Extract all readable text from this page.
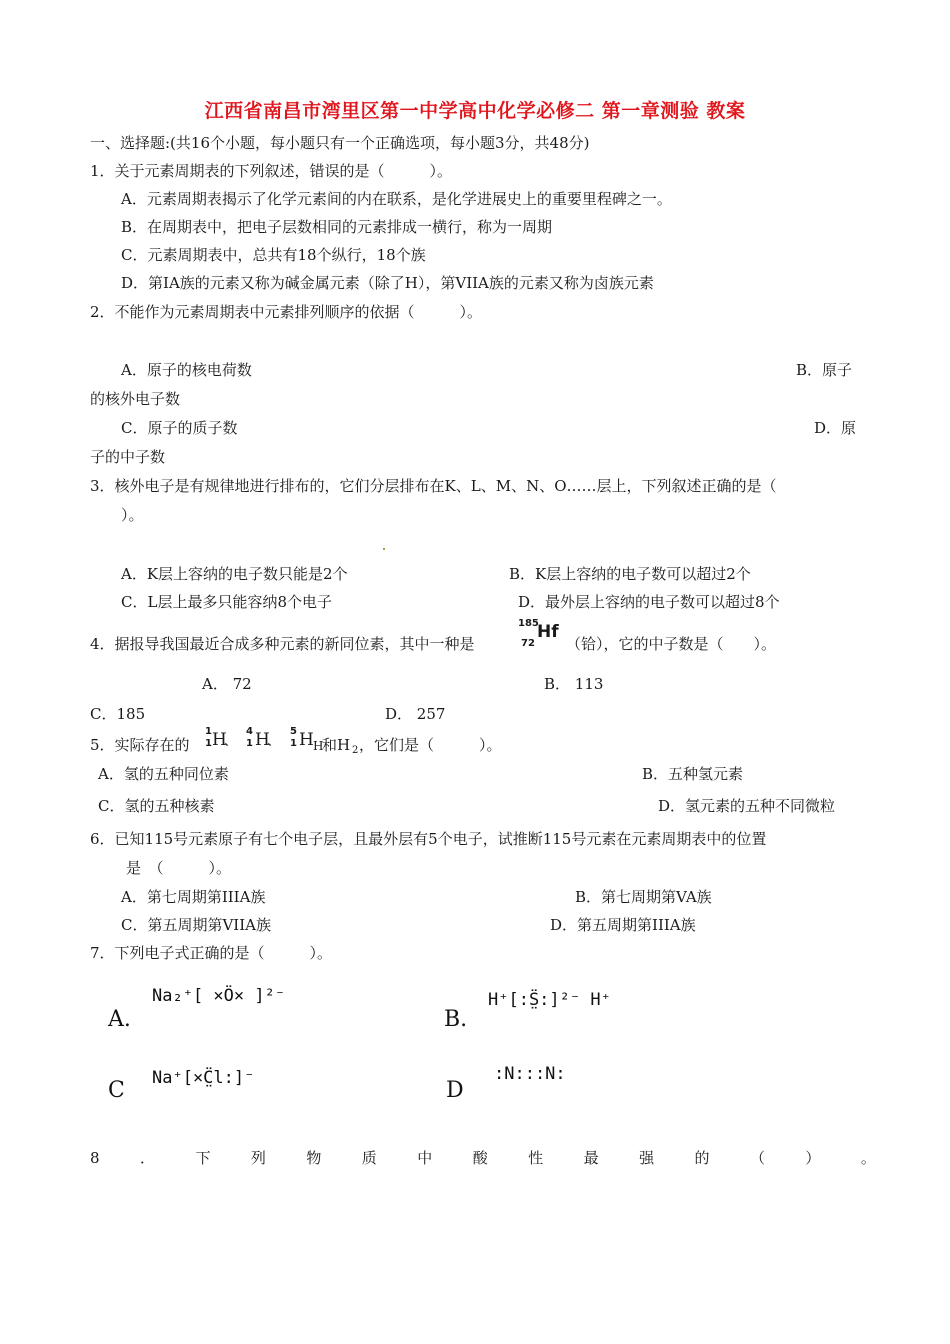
江西省南昌市湾里区第一中学高中化学必修二 第一章测验 教案
一、选择题:(共16个小题，每小题只有一个正确选项，每小题3分，共48分)
1．关于元素周期表的下列叙述，错误的是（　　　）。
A．元素周期表揭示了化学元素间的内在联系，是化学进展史上的重要里程碑之一。
B．在周期表中，把电子层数相同的元素排成一横行，称为一周期
C．元素周期表中，总共有18个纵行，18个族
D．第IA族的元素又称为碱金属元素（除了H），第VIIA族的元素又称为卤族元素
2．不能作为元素周期表中元素排列顺序的依据（　　　）。
A．原子的核电荷数	B．原子
的核外电子数
C．原子的质子数	D．原
子的中子数
3．核外电子是有规律地进行排布的，它们分层排布在K、L、M、N、O……层上，下列叙述正确的是（
）。
A．K层上容纳的电子数只能是2个	B．K层上容纳的电子数可以超过2个
C．L层上最多只能容纳8个电子	D．最外层上容纳的电子数可以超过8个
4．据报导我国最近合成多种元素的新同位素，其中一种是
185
72
Hf
（铪），它的中子数是（　　）。
A． 72	B． 113
C．185	D． 257
5．实际存在的
1
1 H
、
4
1 H
、
5
1 H H
和H 2 ，它们是（　　　）。
A．氢的五种同位素	B．五种氢元素
C．氢的五种核素	D．氢元素的五种不同微粒
6．已知115号元素原子有七个电子层，且最外层有5个电子，试推断115号元素在元素周期表中的位置
是　（　　　）。
A．第七周期第IIIA族	B．第七周期第VA族
C．第五周期第VIIA族	D．第五周期第IIIA族
7．下列电子式正确的是（　　　）。
A.
Na₂⁺[ ×Ö× ]²⁻
B.
H⁺[:S̤̈:]²⁻ H⁺
C Na⁺[×C̤̈l:]⁻	D
:N:::N:
8	．	下	列	物	质	中	酸	性	最	强	的	（	）	。
